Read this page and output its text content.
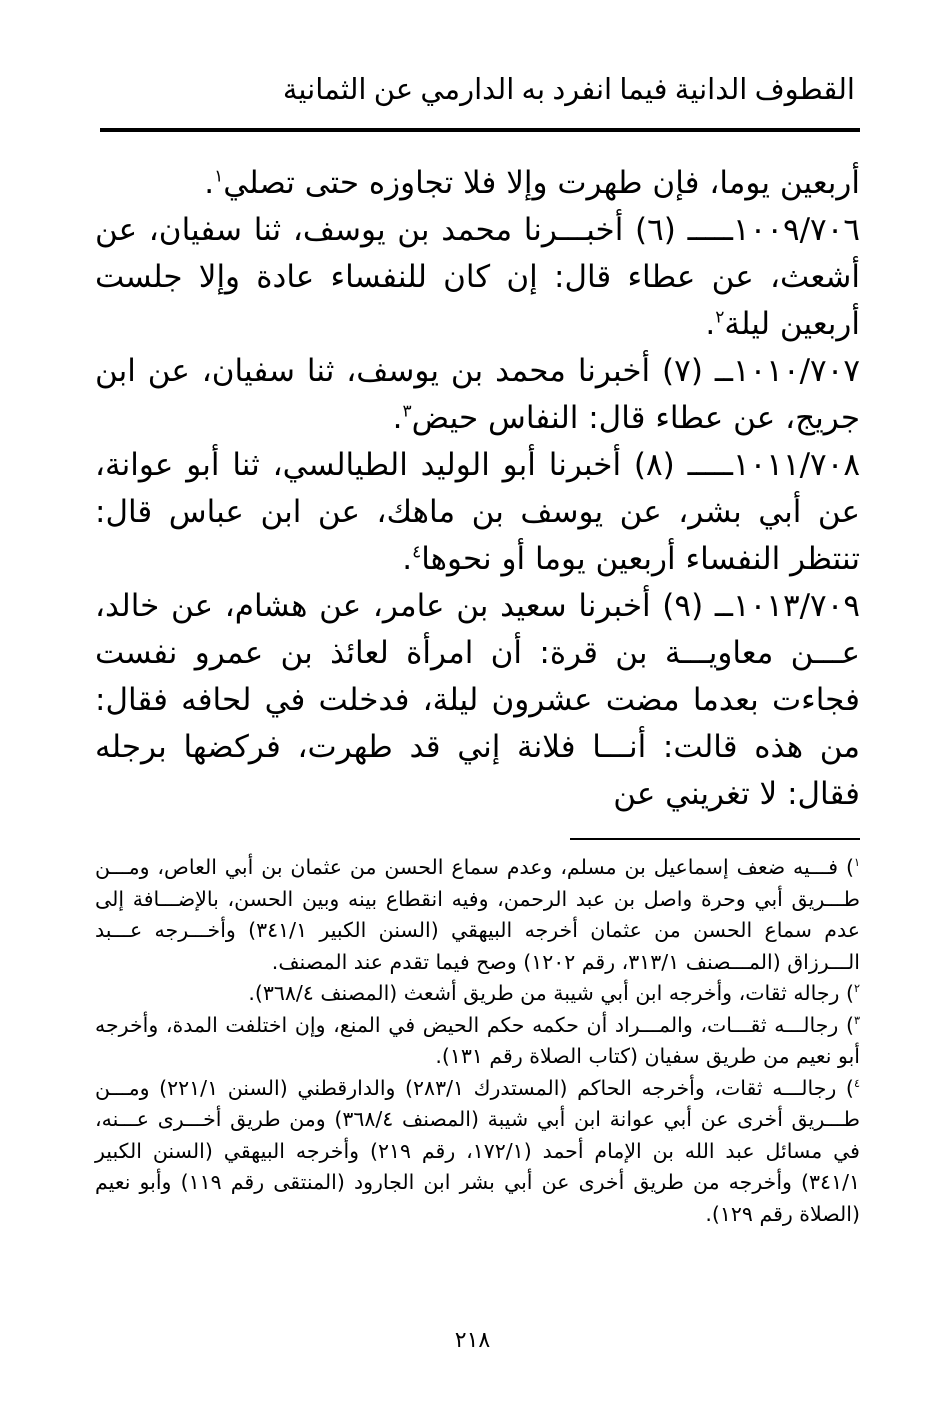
القطوف الدانية فيما انفرد به الدارمي عن الثمانية

أربعين يوما، فإن طهرت وإلا فلا تجاوزه حتى تصلي$^١$.

١٠٠٩/٧٠٦ـــــ (٦) أخبـــرنا محمد بن يوسف، ثنا سفيان، عن أشعث، عن عطاء قال: إن كان للنفساء عادة وإلا جلست أربعين ليلة$^٢$.

١٠١٠/٧٠٧ــ (٧) أخبرنا محمد بن يوسف، ثنا سفيان، عن ابن جريج، عن عطاء قال: النفاس حيض$^٣$.

١٠١١/٧٠٨ـــــ (٨) أخبرنا أبو الوليد الطيالسي، ثنا أبو عوانة، عن أبي بشر، عن يوسف بن ماهك، عن ابن عباس قال: تنتظر النفساء أربعين يوما أو نحوها$^٤$.

١٠١٣/٧٠٩ــ (٩) أخبرنا سعيد بن عامر، عن هشام، عن خالد، عـــن معاويـــة بن قرة: أن امرأة لعائذ بن عمرو نفست فجاءت بعدما مضت عشرون ليلة، فدخلت في لحافه فقال: من هذه قالت: أنـــا فلانة إني قد طهرت، فركضها برجله فقال: لا تغريني عن

$^١$) فـــيه ضعف إسماعيل بن مسلم، وعدم سماع الحسن من عثمان بن أبي العاص، ومـــن طـــريق أبي وحرة واصل بن عبد الرحمن، وفيه انقطاع بينه وبين الحسن، بالإضـــافة إلى عدم سماع الحسن من عثمان أخرجه البيهقي (السنن الكبير ٣٤١/١) وأخـــرجه عـــبد الـــرزاق (المـــصنف ٣١٣/١، رقم ١٢٠٢) وصح فيما تقدم عند المصنف.

$^٢$) رجاله ثقات، وأخرجه ابن أبي شيبة من طريق أشعث (المصنف ٣٦٨/٤).

$^٣$) رجالـــه ثقـــات، والمـــراد أن حكمه حكم الحيض في المنع، وإن اختلفت المدة، وأخرجه أبو نعيم من طريق سفيان (كتاب الصلاة رقم ١٣١).

$^٤$) رجالـــه ثقات، وأخرجه الحاكم (المستدرك ٢٨٣/١) والدارقطني (السنن ٢٢١/١) ومـــن طـــريق أخرى عن أبي عوانة ابن أبي شيبة (المصنف ٣٦٨/٤) ومن طريق أخـــرى عـــنه، في مسائل عبد الله بن الإمام أحمد (١٧٢/١، رقم ٢١٩) وأخرجه البيهقي (السنن الكبير ٣٤١/١) وأخرجه من طريق أخرى عن أبي بشر ابن الجارود (المنتقى رقم ١١٩) وأبو نعيم (الصلاة رقم ١٢٩).

٢١٨
